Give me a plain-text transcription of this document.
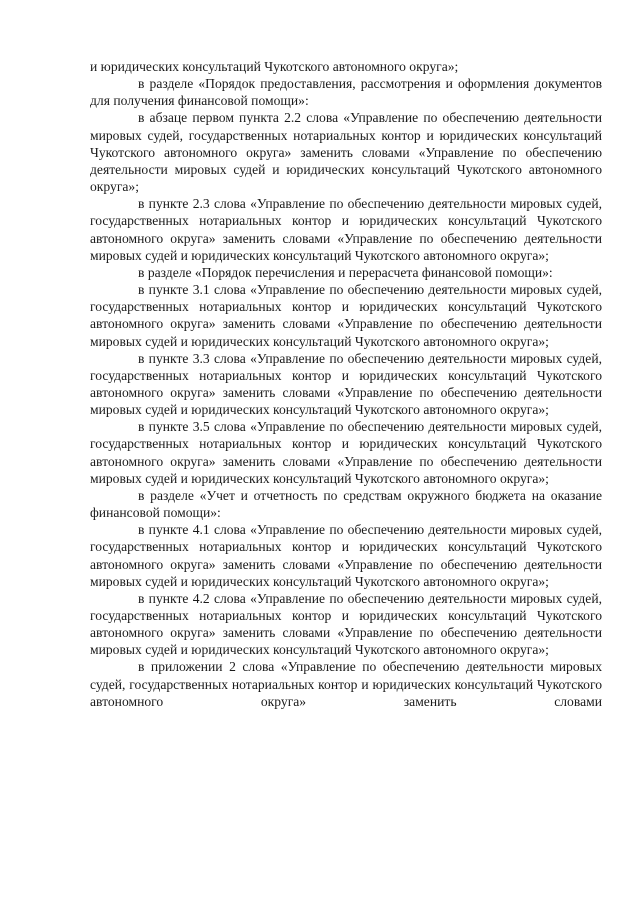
и юридических консультаций Чукотского автономного округа»;

в разделе «Порядок предоставления, рассмотрения и оформления документов для получения финансовой помощи»:

в абзаце первом пункта 2.2 слова «Управление по обеспечению деятельности мировых судей, государственных нотариальных контор и юридических консультаций Чукотского автономного округа» заменить словами «Управление по обеспечению деятельности мировых судей и юридических консультаций Чукотского автономного округа»;

в пункте 2.3 слова «Управление по обеспечению деятельности мировых судей, государственных нотариальных контор и юридических консультаций Чукотского автономного округа» заменить словами «Управление по обеспечению деятельности мировых судей и юридических консультаций Чукотского автономного округа»;

в разделе «Порядок перечисления и перерасчета финансовой помощи»:

в пункте 3.1 слова «Управление по обеспечению деятельности мировых судей, государственных нотариальных контор и юридических консультаций Чукотского автономного округа» заменить словами «Управление по обеспечению деятельности мировых судей и юридических консультаций Чукотского автономного округа»;

в пункте 3.3 слова «Управление по обеспечению деятельности мировых судей, государственных нотариальных контор и юридических консультаций Чукотского автономного округа» заменить словами «Управление по обеспечению деятельности мировых судей и юридических консультаций Чукотского автономного округа»;

в пункте 3.5 слова «Управление по обеспечению деятельности мировых судей, государственных нотариальных контор и юридических консультаций Чукотского автономного округа» заменить словами «Управление по обеспечению деятельности мировых судей и юридических консультаций Чукотского автономного округа»;

в разделе «Учет и отчетность по средствам окружного бюджета на оказание финансовой помощи»:

в пункте 4.1 слова «Управление по обеспечению деятельности мировых судей, государственных нотариальных контор и юридических консультаций Чукотского автономного округа» заменить словами «Управление по обеспечению деятельности мировых судей и юридических консультаций Чукотского автономного округа»;

в пункте 4.2 слова «Управление по обеспечению деятельности мировых судей, государственных нотариальных контор и юридических консультаций Чукотского автономного округа» заменить словами «Управление по обеспечению деятельности мировых судей и юридических консультаций Чукотского автономного округа»;

в приложении 2 слова «Управление по обеспечению деятельности мировых судей, государственных нотариальных контор и юридических консультаций Чукотского автономного округа» заменить словами
